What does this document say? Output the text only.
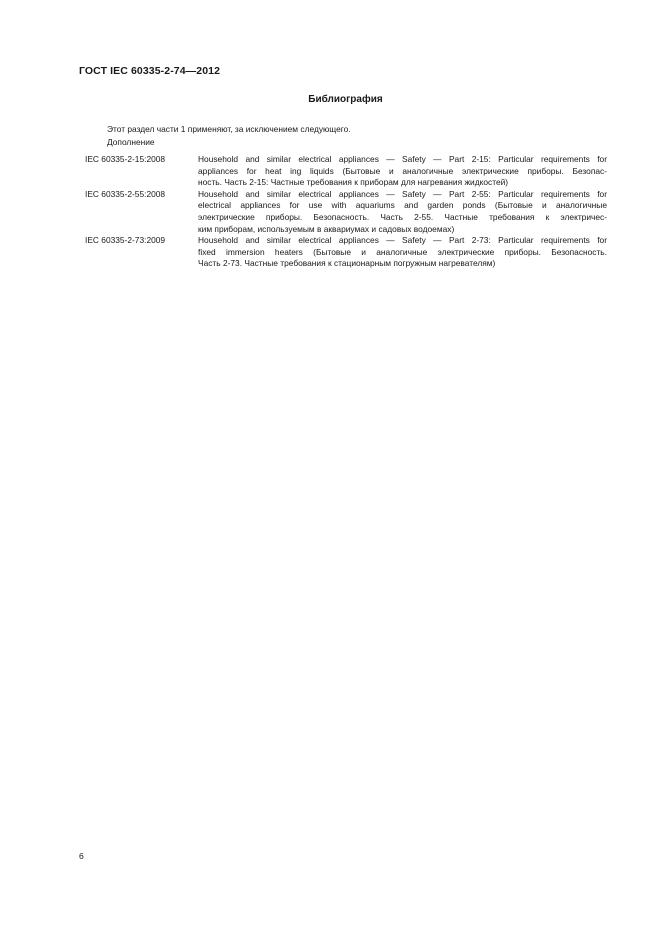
ГОСТ IEC 60335-2-74—2012
Библиография
Этот раздел части 1 применяют, за исключением следующего.
Дополнение
IEC 60335-2-15:2008	Household and similar electrical appliances — Safety — Part 2-15: Particular requirements for
appliances for heat ing liquids (Бытовые и аналогичные электрические приборы. Безопас-
ность. Часть 2-15: Частные требования к приборам для нагревания жидкостей)
IEC 60335-2-55:2008	Household and similar electrical appliances — Safety — Part 2-55: Particular requirements for
electrical appliances for use with aquariums and garden ponds (Бытовые и аналогичные
электрические приборы. Безопасность. Часть 2-55. Частные требования к электричес-
ким приборам, используемым в аквариумах и садовых водоемах)
IEC 60335-2-73:2009	Household and similar electrical appliances — Safety — Part 2-73: Particular requirements for
fixed immersion heaters (Бытовые и аналогичные электрические приборы. Безопасность.
Часть 2-73. Частные требования к стационарным погружным нагревателям)
6
